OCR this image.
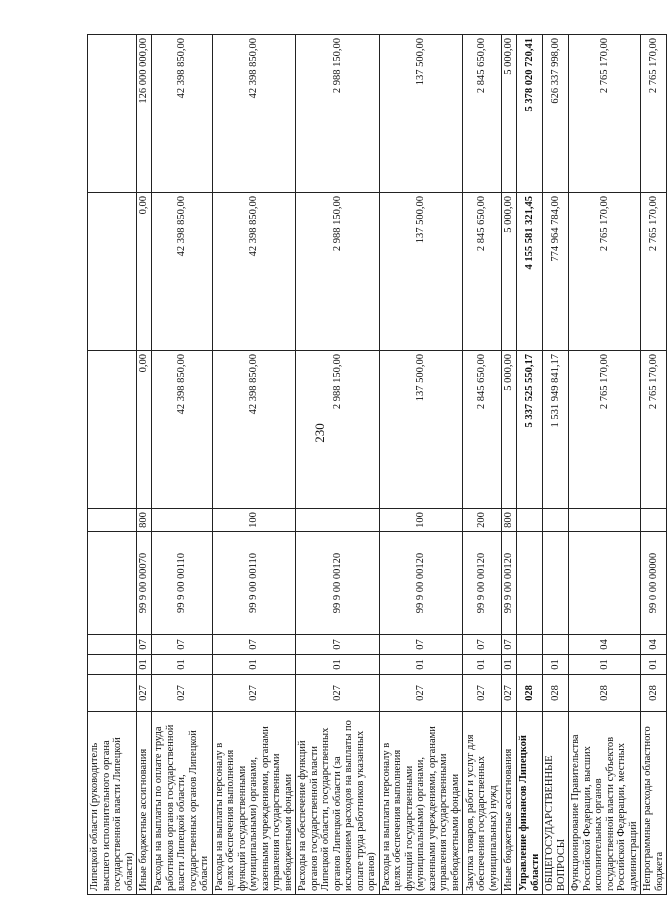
230
Липецкой области (руководитель высшего исполнительного органа государственной власти Липецкой области)								
Иные бюджетные ассигнования	027	01	07	99 9 00 00070	800	0,00	0,00	126 000 000,00
Расходы на выплаты по оплате труда работников органов государственной власти Липецкой области, государственных органов Липецкой области	027	01	07	99 9 00 00110		42 398 850,00	42 398 850,00	42 398 850,00
Расходы на выплаты персоналу в целях обеспечения выполнения функций государственными (муниципальными) органами, казенными учреждениями, органами управления государственными внебюджетными фондами	027	01	07	99 9 00 00110	100	42 398 850,00	42 398 850,00	42 398 850,00
Расходы на обеспечение функций органов государственной власти Липецкой области, государственных органов Липецкой области (за исключением расходов на выплаты по оплате труда работников указанных органов)	027	01	07	99 9 00 00120		2 988 150,00	2 988 150,00	2 988 150,00
Расходы на выплаты персоналу в целях обеспечения выполнения функций государственными (муниципальными) органами, казенными учреждениями, органами управления государственными внебюджетными фондами	027	01	07	99 9 00 00120	100	137 500,00	137 500,00	137 500,00
Закупка товаров, работ и услуг для обеспечения государственных (муниципальных) нужд	027	01	07	99 9 00 00120	200	2 845 650,00	2 845 650,00	2 845 650,00
Иные бюджетные ассигнования	027	01	07	99 9 00 00120	800	5 000,00	5 000,00	5 000,00
Управление финансов Липецкой области	028					5 337 525 550,17	4 155 581 321,45	5 378 020 720,41
ОБЩЕГОСУДАРСТВЕННЫЕ ВОПРОСЫ	028	01				1 531 949 841,17	774 964 784,00	626 337 998,00
Функционирование Правительства Российской Федерации, высших исполнительных органов государственной власти субъектов Российской Федерации, местных администраций	028	01	04			2 765 170,00	2 765 170,00	2 765 170,00
Непрограммные расходы областного бюджета	028	01	04	99 0 00 00000		2 765 170,00	2 765 170,00	2 765 170,00
